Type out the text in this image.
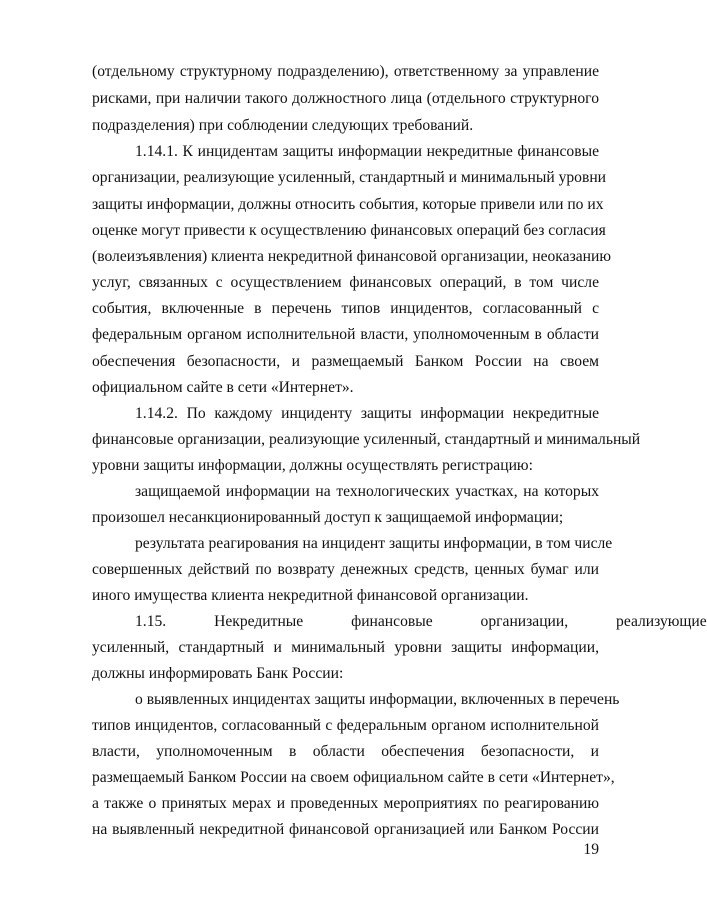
(отдельному структурному подразделению), ответственному за управление
рисками, при наличии такого должностного лица (отдельного структурного
подразделения) при соблюдении следующих требований.
1.14.1. К инцидентам защиты информации некредитные финансовые
организации, реализующие усиленный, стандартный и минимальный уровни
защиты информации, должны относить события, которые привели или по их
оценке могут привести к осуществлению финансовых операций без согласия
(волеизъявления) клиента некредитной финансовой организации, неоказанию
услуг, связанных с осуществлением финансовых операций, в том числе
события, включенные в перечень типов инцидентов, согласованный с
федеральным органом исполнительной власти, уполномоченным в области
обеспечения безопасности, и размещаемый Банком России на своем
официальном сайте в сети «Интернет».
1.14.2. По каждому инциденту защиты информации некредитные
финансовые организации, реализующие усиленный, стандартный и минимальный
уровни защиты информации, должны осуществлять регистрацию:
защищаемой информации на технологических участках, на которых
произошел несанкционированный доступ к защищаемой информации;
результата реагирования на инцидент защиты информации, в том числе
совершенных действий по возврату денежных средств, ценных бумаг или
иного имущества клиента некредитной финансовой организации.
1.15. Некредитные финансовые организации, реализующие
усиленный, стандартный и минимальный уровни защиты информации,
должны информировать Банк России:
о выявленных инцидентах защиты информации, включенных в перечень
типов инцидентов, согласованный с федеральным органом исполнительной
власти, уполномоченным в области обеспечения безопасности, и
размещаемый Банком России на своем официальном сайте в сети «Интернет»,
а также о принятых мерах и проведенных мероприятиях по реагированию
на выявленный некредитной финансовой организацией или Банком России
19
